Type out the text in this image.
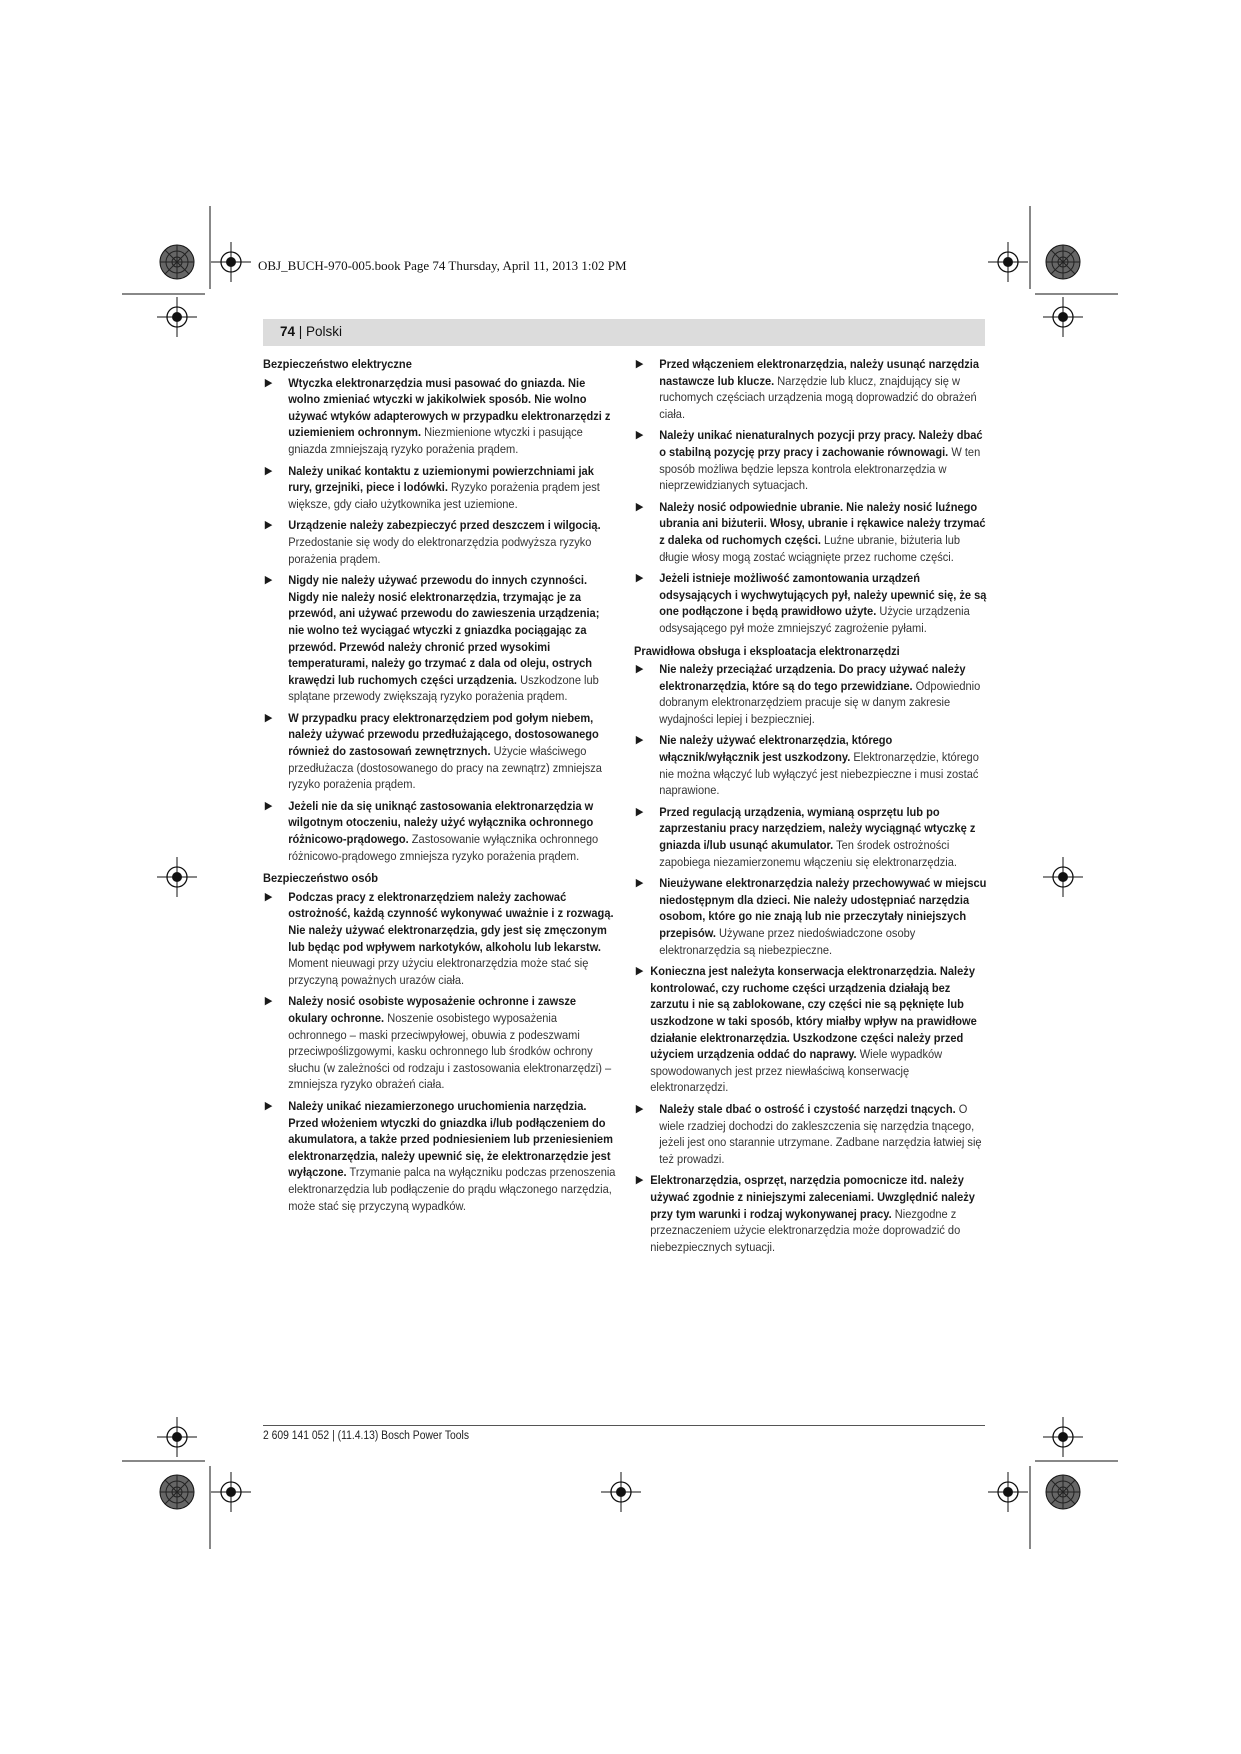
OBJ_BUCH-970-005.book Page 74 Thursday, April 11, 2013 1:02 PM
74 | Polski
Bezpieczeństwo elektryczne
▶ Wtyczka elektronarzędzia musi pasować do gniazda. Nie wolno zmieniać wtyczki w jakikolwiek sposób. Nie wolno używać wtyków adapterowych w przypadku elektronarzędzi z uziemieniem ochronnym. Niezmienione wtyczki i pasujące gniazda zmniejszają ryzyko porażenia prądem.
▶ Należy unikać kontaktu z uziemionymi powierzchniami jak rury, grzejniki, piece i lodówki. Ryzyko porażenia prądem jest większe, gdy ciało użytkownika jest uziemione.
▶ Urządzenie należy zabezpieczyć przed deszczem i wilgocią. Przedostanie się wody do elektronarzędzia podwyższa ryzyko porażenia prądem.
▶ Nigdy nie należy używać przewodu do innych czynności. Nigdy nie należy nosić elektronarzędzia, trzymając je za przewód, ani używać przewodu do zawieszenia urządzenia; nie wolno też wyciągać wtyczki z gniazdka pociągając za przewód. Przewód należy chronić przed wysokimi temperaturami, należy go trzymać z dala od oleju, ostrych krawędzi lub ruchomych części urządzenia. Uszkodzone lub splątane przewody zwiększają ryzyko porażenia prądem.
▶ W przypadku pracy elektronarzędziem pod gołym niebem, należy używać przewodu przedłużającego, dostosowanego również do zastosowań zewnętrznych. Użycie właściwego przedłużacza (dostosowanego do pracy na zewnątrz) zmniejsza ryzyko porażenia prądem.
▶ Jeżeli nie da się uniknąć zastosowania elektronarzędzia w wilgotnym otoczeniu, należy użyć wyłącznika ochronnego różnicowo-prądowego. Zastosowanie wyłącznika ochronnego różnicowo-prądowego zmniejsza ryzyko porażenia prądem.
Bezpieczeństwo osób
▶ Podczas pracy z elektronarzędziem należy zachować ostrożność, każdą czynność wykonywać uważnie i z rozwagą. Nie należy używać elektronarzędzia, gdy jest się zmęczonym lub będąc pod wpływem narkotyków, alkoholu lub lekarstw. Moment nieuwagi przy użyciu elektronarzędzia może stać się przyczyną poważnych urazów ciała.
▶ Należy nosić osobiste wyposażenie ochronne i zawsze okulary ochronne. Noszenie osobistego wyposażenia ochronnego – maski przeciwpyłowej, obuwia z podeszwami przeciwpoślizgowymi, kasku ochronnego lub środków ochrony słuchu (w zależności od rodzaju i zastosowania elektronarzędzi) – zmniejsza ryzyko obrażeń ciała.
▶ Należy unikać niezamierzonego uruchomienia narzędzia. Przed włożeniem wtyczki do gniazdka i/lub podłączeniem do akumulatora, a także przed podniesieniem lub przeniesieniem elektronarzędzia, należy upewnić się, że elektronarzędzie jest wyłączone. Trzymanie palca na wyłączniku podczas przenoszenia elektronarzędzia lub podłączenie do prądu włączonego narzędzia, może stać się przyczyną wypadków.
▶ Przed włączeniem elektronarzędzia, należy usunąć narzędzia nastawcze lub klucze. Narzędzie lub klucz, znajdujący się w ruchomych częściach urządzenia mogą doprowadzić do obrażeń ciała.
▶ Należy unikać nienaturalnych pozycji przy pracy. Należy dbać o stabilną pozycję przy pracy i zachowanie równowagi. W ten sposób możliwa będzie lepsza kontrola elektronarzędzia w nieprzewidzianych sytuacjach.
▶ Należy nosić odpowiednie ubranie. Nie należy nosić luźnego ubrania ani biżuterii. Włosy, ubranie i rękawice należy trzymać z daleka od ruchomych części. Luźne ubranie, biżuteria lub długie włosy mogą zostać wciągnięte przez ruchome części.
▶ Jeżeli istnieje możliwość zamontowania urządzeń odsysających i wychwytujących pył, należy upewnić się, że są one podłączone i będą prawidłowo użyte. Użycie urządzenia odsysającego pył może zmniejszyć zagrożenie pyłami.
Prawidłowa obsługa i eksploatacja elektronarzędzi
▶ Nie należy przeciążać urządzenia. Do pracy używać należy elektronarzędzia, które są do tego przewidziane. Odpowiednio dobranym elektronarzędziem pracuje się w danym zakresie wydajności lepiej i bezpieczniej.
▶ Nie należy używać elektronarzędzia, którego włącznik/wyłącznik jest uszkodzony. Elektronarzędzie, którego nie można włączyć lub wyłączyć jest niebezpieczne i musi zostać naprawione.
▶ Przed regulacją urządzenia, wymianą osprzętu lub po zaprzestaniu pracy narzędziem, należy wyciągnąć wtyczkę z gniazda i/lub usunąć akumulator. Ten środek ostrożności zapobiega niezamierzonemu włączeniu się elektronarzędzia.
▶ Nieużywane elektronarzędzia należy przechowywać w miejscu niedostępnym dla dzieci. Nie należy udostępniać narzędzia osobom, które go nie znają lub nie przeczytały niniejszych przepisów. Używane przez niedoświadczone osoby elektronarzędzia są niebezpieczne.
▶ Konieczna jest należyta konserwacja elektronarzędzia. Należy kontrolować, czy ruchome części urządzenia działają bez zarzutu i nie są zablokowane, czy części nie są pęknięte lub uszkodzone w taki sposób, który miałby wpływ na prawidłowe działanie elektronarzędzia. Uszkodzone części należy przed użyciem urządzenia oddać do naprawy. Wiele wypadków spowodowanych jest przez niewłaściwą konserwację elektronarzędzi.
▶ Należy stale dbać o ostrość i czystość narzędzi tnących. O wiele rzadziej dochodzi do zakleszczenia się narzędzia tnącego, jeżeli jest ono starannie utrzymane. Zadbane narzędzia łatwiej się też prowadzi.
▶ Elektronarzędzia, osprzęt, narzędzia pomocnicze itd. należy używać zgodnie z niniejszymi zaleceniami. Uwzględnić należy przy tym warunki i rodzaj wykonywanej pracy. Niezgodne z przeznaczeniem użycie elektronarzędzia może doprowadzić do niebezpiecznych sytuacji.
2 609 141 052 | (11.4.13) Bosch Power Tools
